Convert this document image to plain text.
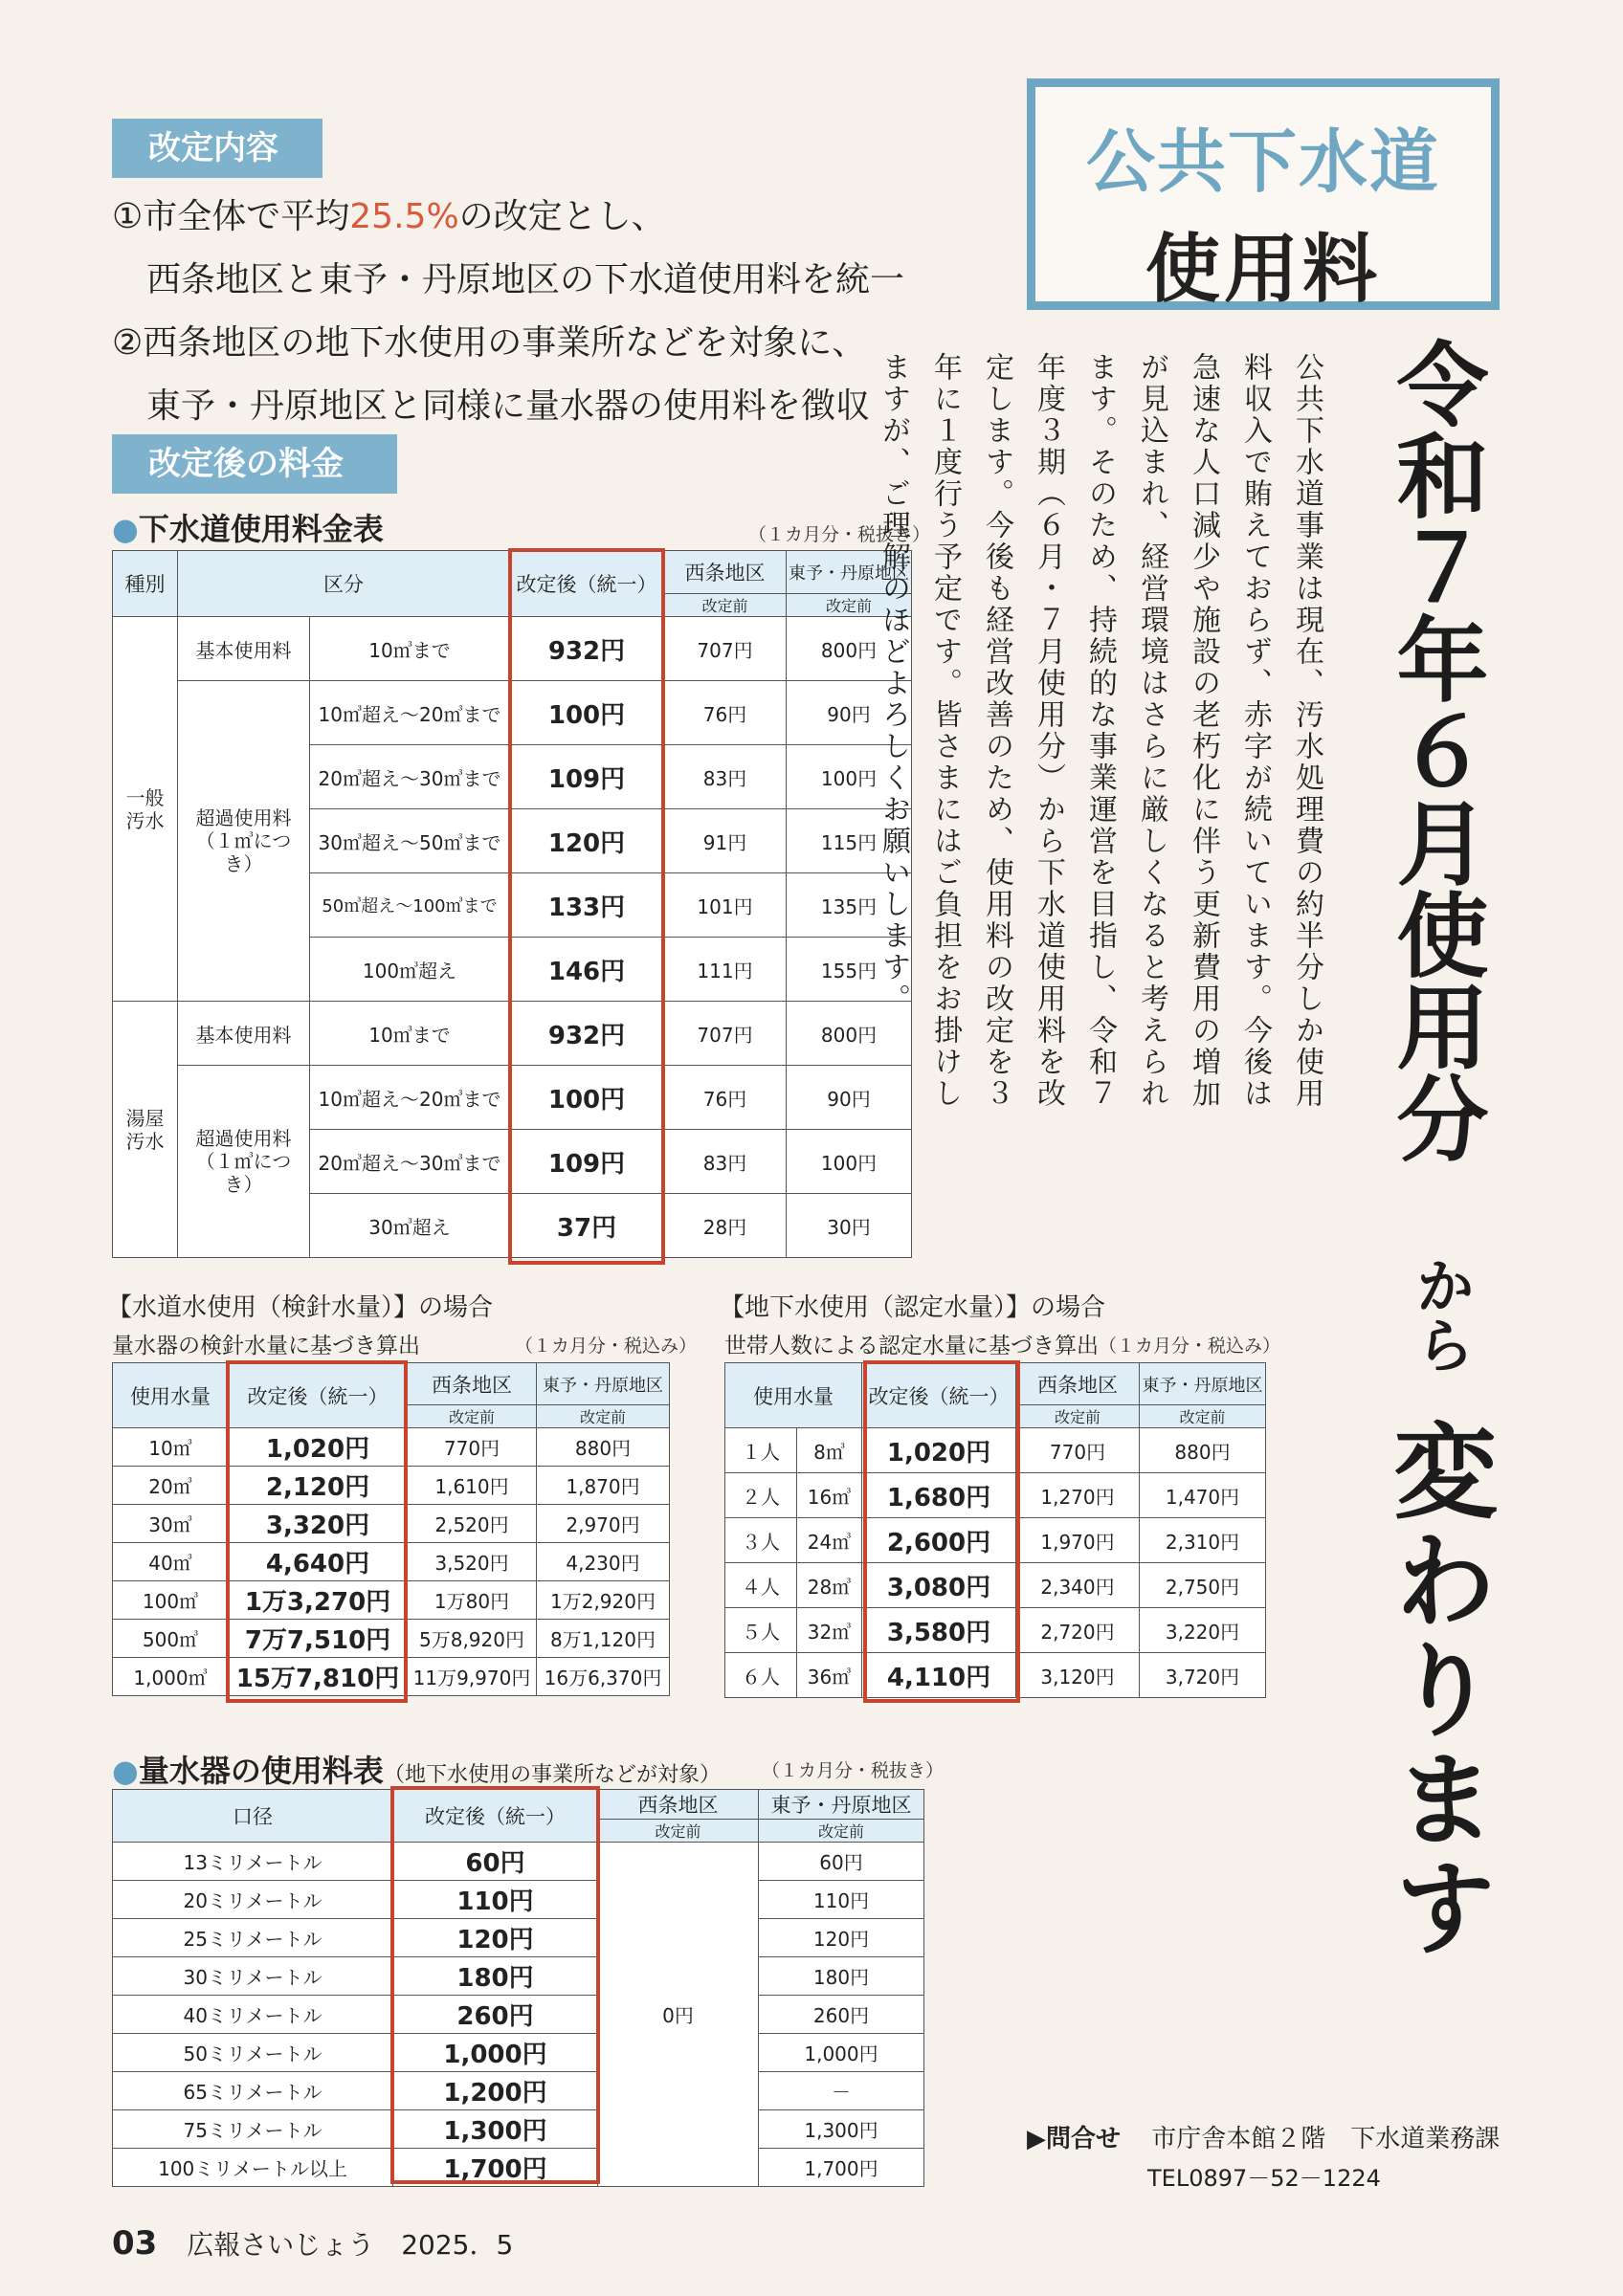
改定内容
①市全体で平均25.5%の改定とし、
西条地区と東予・丹原地区の下水道使用料を統一
②西条地区の地下水使用の事業所などを対象に、
東予・丹原地区と同様に量水器の使用料を徴収
改定後の料金
●下水道使用料金表	（１カ月分・税抜き）
種別	区分		改定後（統一）	西条地区	東予・丹原地区
				改定前	改定前
一般汚水	基本使用料	10㎥まで	932円	707円	800円
	超過使用料（１㎥につき）	10㎥超え～20㎥まで	100円	76円	90円
		20㎥超え～30㎥まで	109円	83円	100円
		30㎥超え～50㎥まで	120円	91円	115円
		50㎥超え～100㎥まで	133円	101円	135円
		100㎥超え	146円	111円	155円
湯屋汚水	基本使用料	10㎥まで	932円	707円	800円
	超過使用料（１㎥につき）	10㎥超え～20㎥まで	100円	76円	90円
		20㎥超え～30㎥まで	109円	83円	100円
		30㎥超え	37円	28円	30円
【水道水使用（検針水量）】の場合
量水器の検針水量に基づき算出	（１カ月分・税込み）
使用水量	改定後（統一）	西条地区	東予・丹原地区
		改定前	改定前
10㎥	1,020円	770円	880円
20㎥	2,120円	1,610円	1,870円
30㎥	3,320円	2,520円	2,970円
40㎥	4,640円	3,520円	4,230円
100㎥	1万3,270円	1万80円	1万2,920円
500㎥	7万7,510円	5万8,920円	8万1,120円
1,000㎥	15万7,810円	11万9,970円	16万6,370円
【地下水使用（認定水量）】の場合
世帯人数による認定水量に基づき算出 （１カ月分・税込み）
使用水量		改定後（統一）	西条地区	東予・丹原地区
			改定前	改定前
１人	8㎥	1,020円	770円	880円
２人	16㎥	1,680円	1,270円	1,470円
３人	24㎥	2,600円	1,970円	2,310円
４人	28㎥	3,080円	2,340円	2,750円
５人	32㎥	3,580円	2,720円	3,220円
６人	36㎥	4,110円	3,120円	3,720円
●量水器の使用料表（地下水使用の事業所などが対象） （１カ月分・税抜き）
口径	改定後（統一）	西条地区	東予・丹原地区
		改定前	改定前
13ミリメートル	60円	0円	60円
20ミリメートル	110円		110円
25ミリメートル	120円		120円
30ミリメートル	180円		180円
40ミリメートル	260円		260円
50ミリメートル	1,000円		1,000円
65ミリメートル	1,200円		－
75ミリメートル	1,300円		1,300円
100ミリメートル以上	1,700円		1,700円
公共下水道
使用料
公共下水道事業は現在、汚水処理費の約半分しか使用料収入で賄えておらず、赤字が続いています。今後は急速な人口減少や施設の老朽化に伴う更新費用の増加が見込まれ、経営環境はさらに厳しくなると考えられます。そのため、持続的な事業運営を目指し、令和７年度３期（６月・７月使用分）から下水道使用料を改定します。今後も経営改善のため、使用料の改定を３年に１度行う予定です。皆さまにはご負担をお掛けしますが、ご理解のほどよろしくお願いします。	令和７年６月使用分
から
変わります
▶問合せ 市庁舎本館２階　下水道業務課
TEL0897－52－1224
03 広報さいじょう　2025．5
